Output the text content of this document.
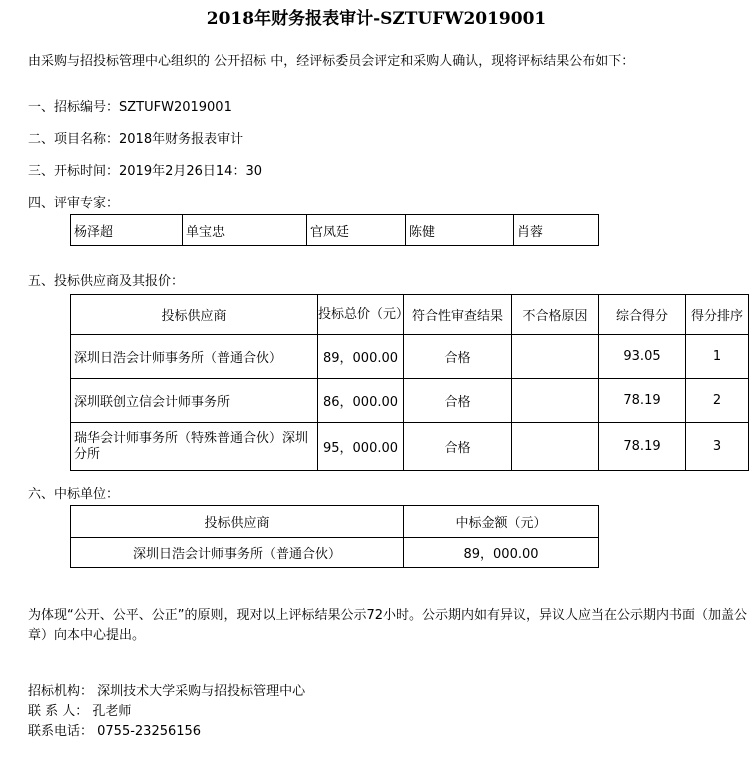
2018年财务报表审计-SZTUFW2019001
由采购与招投标管理中心组织的 公开招标 中，经评标委员会评定和采购人确认，现将评标结果公布如下：
一、招标编号：SZTUFW2019001
二、项目名称：2018年财务报表审计
三、开标时间：2019年2月26日14：30
四、评审专家：
杨泽超	单宝忠	官凤廷	陈健	肖蓉
五、投标供应商及其报价：
投标供应商	投标总价（元）	符合性审查结果	不合格原因	综合得分	得分排序
深圳日浩会计师事务所（普通合伙）	89，000.00	合格		93.05	1
深圳联创立信会计师事务所	86，000.00	合格		78.19	2
瑞华会计师事务所（特殊普通合伙）深圳分所	95，000.00	合格		78.19	3
六、中标单位：
投标供应商	中标金额（元）
深圳日浩会计师事务所（普通合伙）	89，000.00
为体现“公开、公平、公正”的原则，现对以上评标结果公示72小时。公示期内如有异议，异议人应当在公示期内书面（加盖公章）向本中心提出。
招标机构： 深圳技术大学采购与招投标管理中心
联 系 人： 孔老师
联系电话： 0755-23256156
